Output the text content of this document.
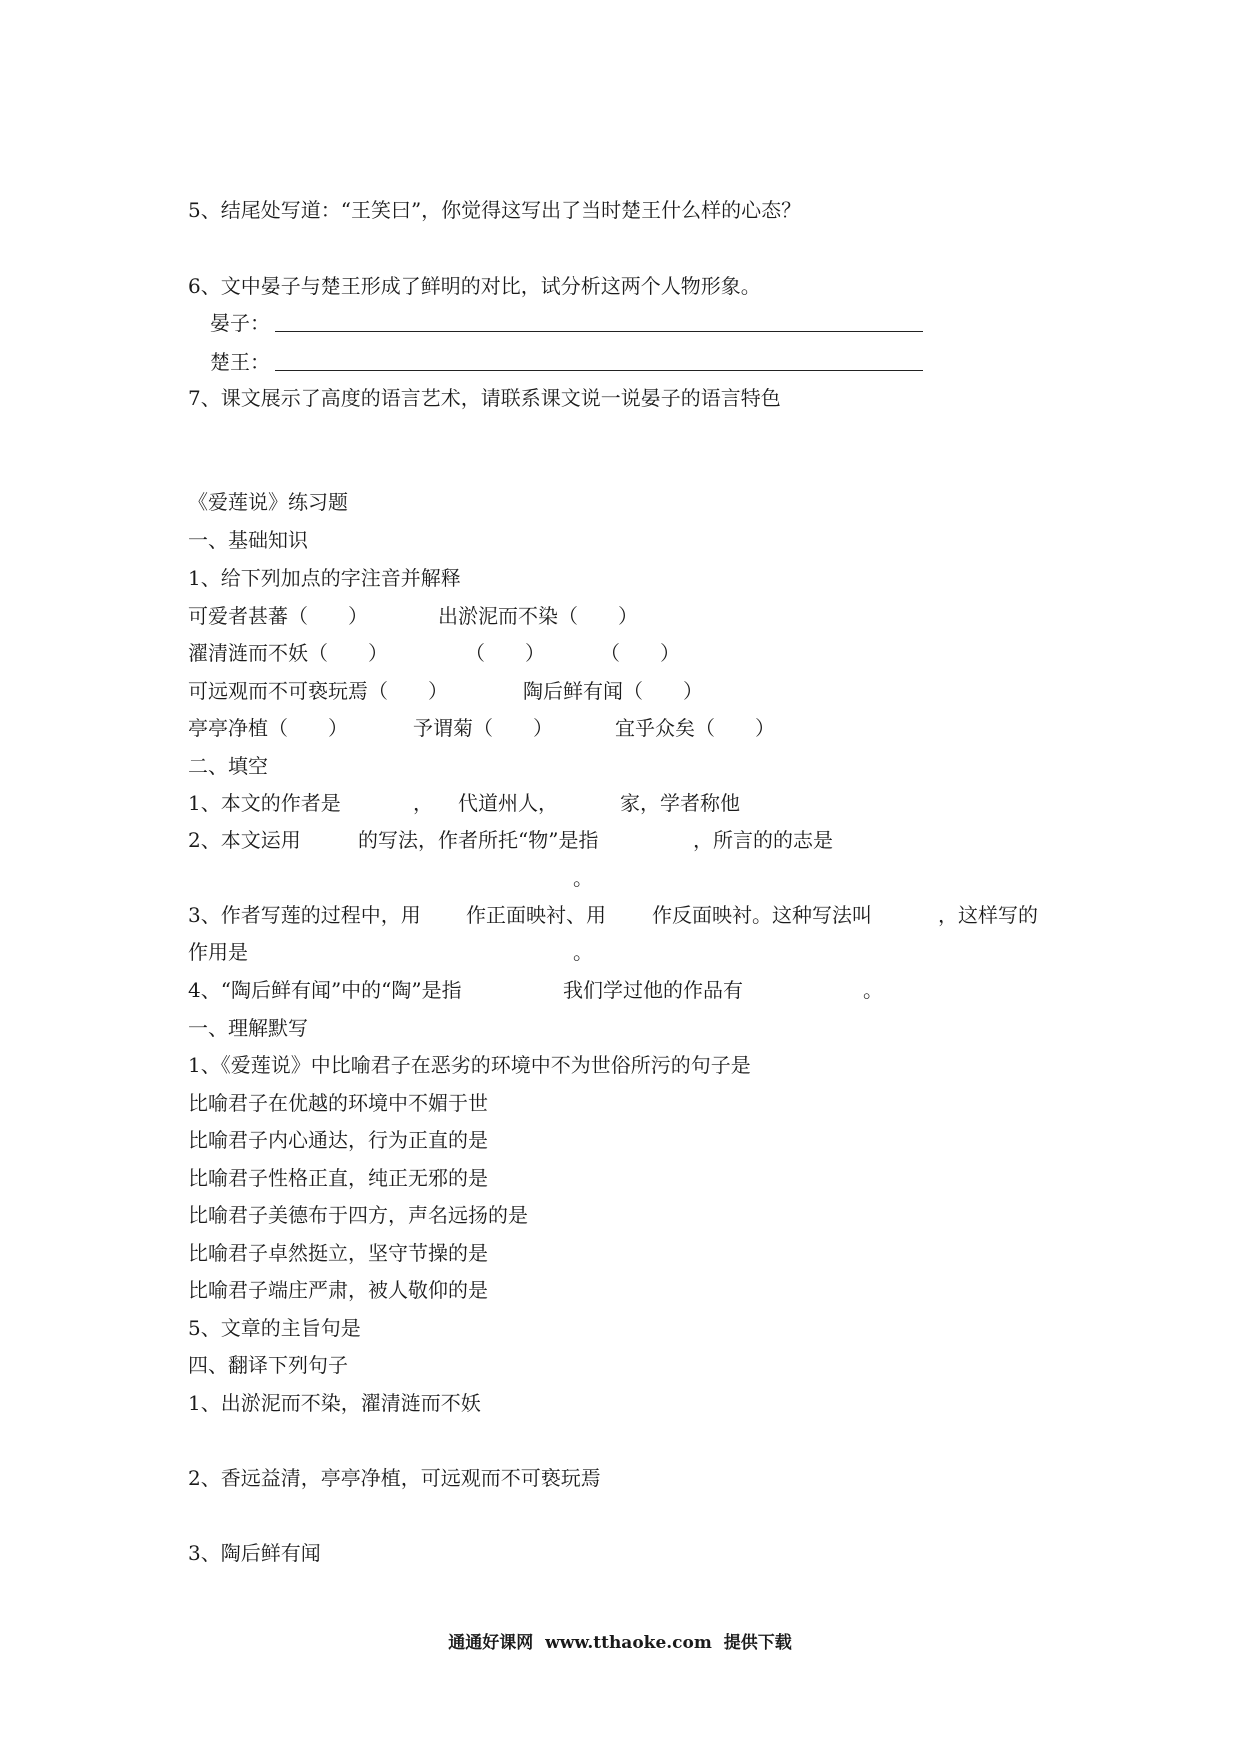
5、结尾处写道：“王笑曰”，你觉得这写出了当时楚王什么样的心态？
6、文中晏子与楚王形成了鲜明的对比，试分析这两个人物形象。
晏子：
楚王：
7、课文展示了高度的语言艺术，请联系课文说一说晏子的语言特色
《爱莲说》练习题
一、基础知识
1、给下列加点的字注音并解释
可爱者甚蕃（　　）	出淤泥而不染（　　）
濯清涟而不妖（　　）	（　　）	（　　）
可远观而不可亵玩焉（　　）	陶后鲜有闻（　　）
亭亭净植（　　）	予谓菊（　　）	宜乎众矣（　　）
二、填空
1、本文的作者是	， 代道州人，	家，学者称他
2、本文运用	的写法，作者所托“物”是指	，所言的的志是
。
3、作者写莲的过程中，用 作正面映衬、用 作反面映衬。这种写法叫	，这样写的
作用是	。
4、“陶后鲜有闻”中的“陶”是指	我们学过他的作品有	。
一、理解默写
1、《爱莲说》中比喻君子在恶劣的环境中不为世俗所污的句子是
比喻君子在优越的环境中不媚于世
比喻君子内心通达，行为正直的是
比喻君子性格正直，纯正无邪的是
比喻君子美德布于四方，声名远扬的是
比喻君子卓然挺立，坚守节操的是
比喻君子端庄严肃，被人敬仰的是
5、文章的主旨句是
四、翻译下列句子
1、出淤泥而不染，濯清涟而不妖
2、香远益清，亭亭净植，可远观而不可亵玩焉
3、陶后鲜有闻
通通好课网  www.tthaoke.com  提供下载
